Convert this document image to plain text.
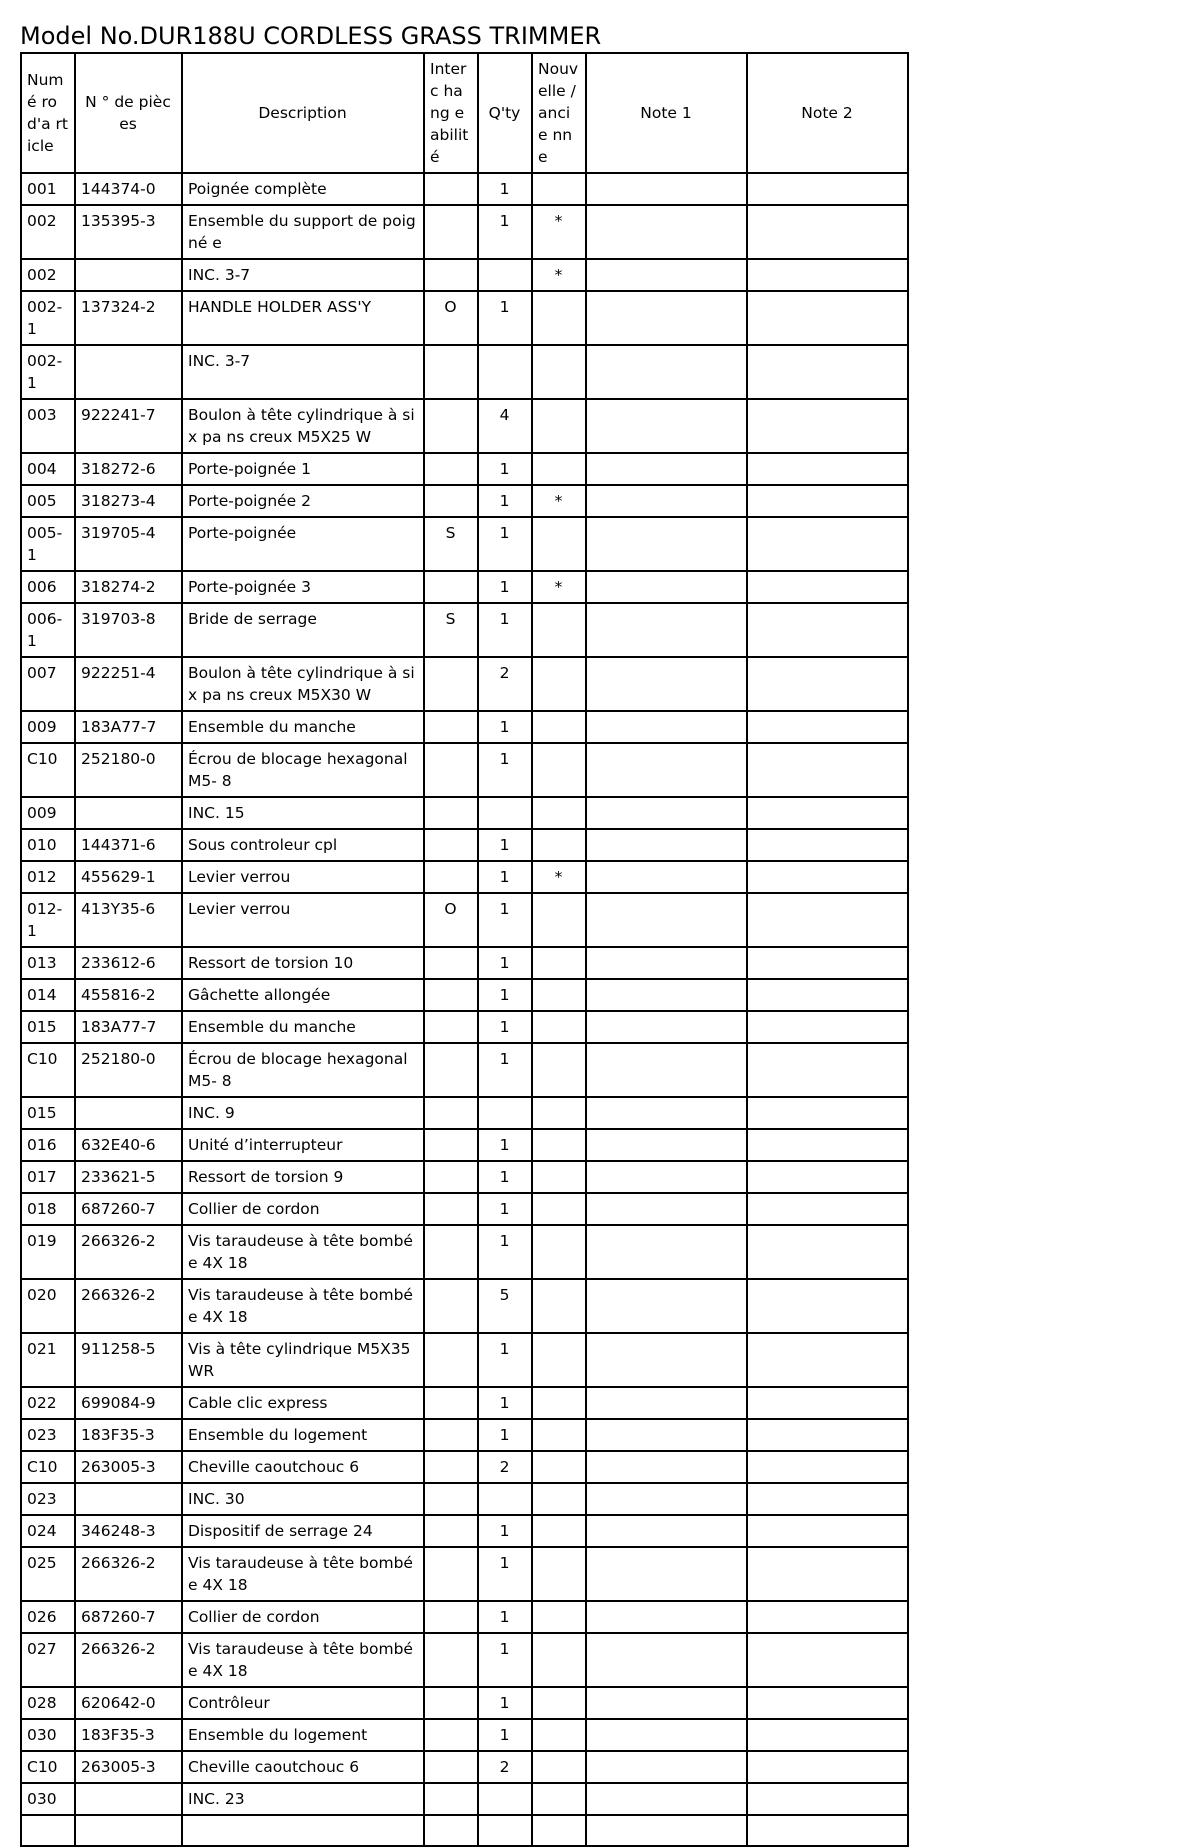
Model No.DUR188U CORDLESS GRASS TRIMMER
Numé ro d'a rticle	N ° de pièces	Description	Interc hang eabilit é	Q'ty	Nouv elle / ancie nne	Note 1	Note 2
001	144374-0	Poignée complète		1			
002	135395-3	Ensemble du support de poigné e		1	*		
002		INC. 3-7			*		
002-1	137324-2	HANDLE HOLDER ASS'Y	O	1			
002-1		INC. 3-7					
003	922241-7	Boulon à tête cylindrique à six pa ns creux M5X25 W		4			
004	318272-6	Porte-poignée 1		1			
005	318273-4	Porte-poignée 2		1	*		
005-1	319705-4	Porte-poignée	S	1			
006	318274-2	Porte-poignée 3		1	*		
006-1	319703-8	Bride de serrage	S	1			
007	922251-4	Boulon à tête cylindrique à six pa ns creux M5X30 W		2			
009	183A77-7	Ensemble du manche		1			
C10	252180-0	Écrou de blocage hexagonal M5- 8		1			
009		INC. 15					
010	144371-6	Sous controleur cpl		1			
012	455629-1	Levier verrou		1	*		
012-1	413Y35-6	Levier verrou	O	1			
013	233612-6	Ressort de torsion 10		1			
014	455816-2	Gâchette allongée		1			
015	183A77-7	Ensemble du manche		1			
C10	252180-0	Écrou de blocage hexagonal M5- 8		1			
015		INC. 9					
016	632E40-6	Unité d’interrupteur		1			
017	233621-5	Ressort de torsion 9		1			
018	687260-7	Collier de cordon		1			
019	266326-2	Vis taraudeuse à tête bombée 4X 18		1			
020	266326-2	Vis taraudeuse à tête bombée 4X 18		5			
021	911258-5	Vis à tête cylindrique M5X35 WR		1			
022	699084-9	Cable clic express		1			
023	183F35-3	Ensemble du logement		1			
C10	263005-3	Cheville caoutchouc 6		2			
023		INC. 30					
024	346248-3	Dispositif de serrage 24		1			
025	266326-2	Vis taraudeuse à tête bombée 4X 18		1			
026	687260-7	Collier de cordon		1			
027	266326-2	Vis taraudeuse à tête bombée 4X 18		1			
028	620642-0	Contrôleur		1			
030	183F35-3	Ensemble du logement		1			
C10	263005-3	Cheville caoutchouc 6		2			
030		INC. 23					
